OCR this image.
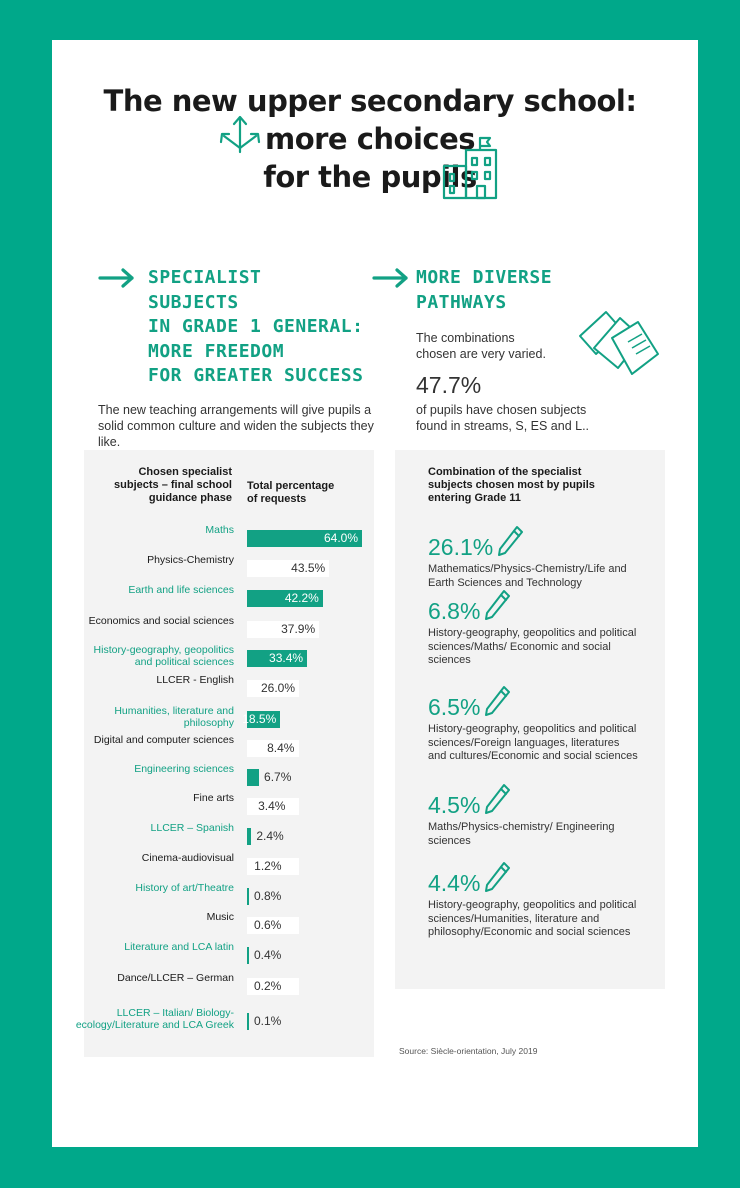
The new upper secondary school:
more choices
for the pupils
SPECIALIST
SUBJECTS
IN GRADE 1 GENERAL:
MORE FREEDOM
FOR GREATER SUCCESS
The new teaching arrangements will give pupils a solid common culture and widen the subjects they like.
MORE DIVERSE
PATHWAYS
The combinations chosen are very varied.
47.7%
of pupils have chosen subjects found in streams, S, ES and L..
Chosen specialist subjects – final school guidance phase
Total percentage of requests
Maths
64.0%
Physics-Chemistry
43.5%
Earth and life sciences
42.2%
Economics and social sciences
37.9%
History-geography, geopolitics and political sciences	33.4%
LLCER - English
26.0%
Humanities, literature and philosophy 18.5%
Digital and computer sciences
8.4%
Engineering sciences
6.7%
Fine arts
3.4%
LLCER – Spanish
2.4%
Cinema-audiovisual
1.2%
History of art/Theatre
0.8%
Music
0.6%
Literature and LCA latin
0.4%
Dance/LLCER – German
0.2%
LLCER – Italian/ Biology-ecology/Literature and LCA Greek 0.1%
Combination of the specialist subjects chosen most by pupils entering Grade 11
26.1%
Mathematics/Physics-Chemistry/Life and Earth Sciences and Technology
6.8%
History-geography, geopolitics and political sciences/Maths/ Economic and social sciences
6.5%
History-geography, geopolitics and political sciences/Foreign languages, literatures and cultures/Economic and social sciences
4.5%
Maths/Physics-chemistry/ Engineering sciences
4.4%
History-geography, geopolitics and political sciences/Humanities, literature and philosophy/Economic and social sciences
Source: Siècle-orientation, July 2019
